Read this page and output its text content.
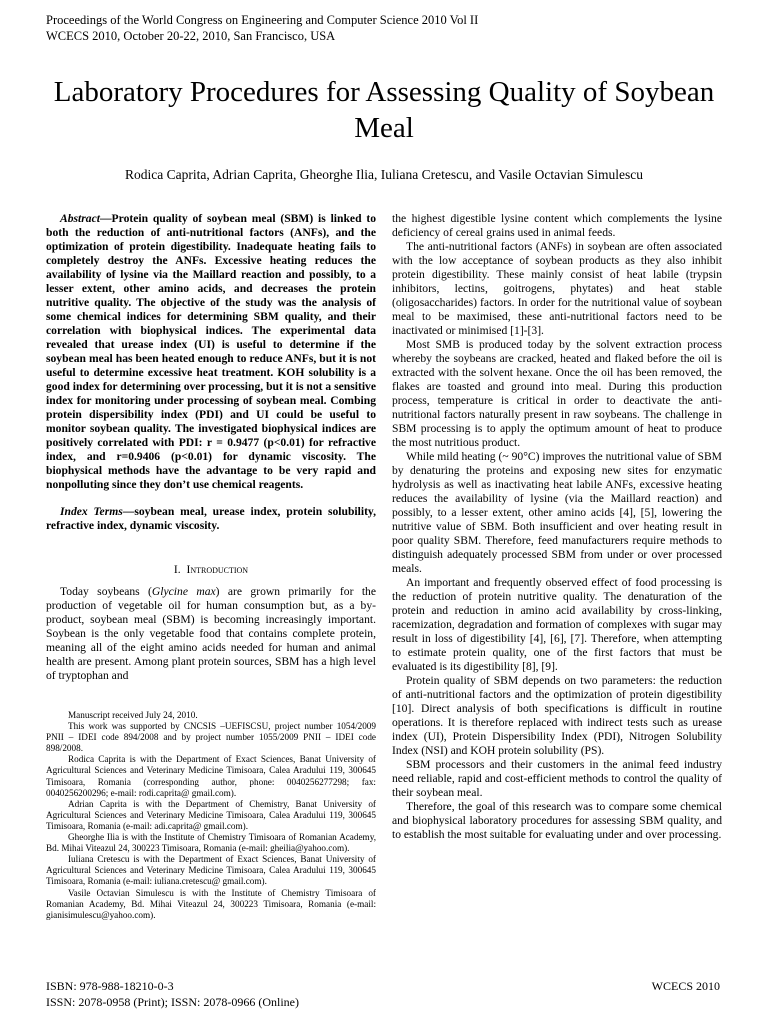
Proceedings of the World Congress on Engineering and Computer Science 2010 Vol II
WCECS 2010, October 20-22, 2010, San Francisco, USA
Laboratory Procedures for Assessing Quality of Soybean Meal
Rodica Caprita, Adrian Caprita, Gheorghe Ilia, Iuliana Cretescu, and Vasile Octavian Simulescu

Abstract—Protein quality of soybean meal (SBM) is linked to both the reduction of anti-nutritional factors (ANFs), and the optimization of protein digestibility. Inadequate heating fails to completely destroy the ANFs. Excessive heating reduces the availability of lysine via the Maillard reaction and possibly, to a lesser extent, other amino acids, and decreases the protein nutritive quality. The objective of the study was the analysis of some chemical indices for determining SBM quality, and their correlation with biophysical indices. The experimental data revealed that urease index (UI) is useful to determine if the soybean meal has been heated enough to reduce ANFs, but it is not useful to determine excessive heat treatment. KOH solubility is a good index for determining over processing, but it is not a sensitive index for monitoring under processing of soybean meal. Combing protein dispersibility index (PDI) and UI could be useful to monitor soybean quality. The investigated biophysical indices are positively correlated with PDI: r = 0.9477 (p<0.01) for refractive index, and r=0.9406 (p<0.01) for dynamic viscosity. The biophysical methods have the advantage to be very rapid and nonpolluting since they don’t use chemical reagents.

Index Terms—soybean meal, urease index, protein solubility, refractive index, dynamic viscosity.

I. Introduction

Today soybeans (Glycine max) are grown primarily for the production of vegetable oil for human consumption but, as a by-product, soybean meal (SBM) is becoming increasingly important. Soybean is the only vegetable food that contains complete protein, meaning all of the eight amino acids needed for human and animal health are present. Among plant protein sources, SBM has a high level of tryptophan and

Manuscript received July 24, 2010.

This work was supported by CNCSIS –UEFISCSU, project number 1054/2009 PNII – IDEI code 894/2008 and by project number 1055/2009 PNII – IDEI code 898/2008.

Rodica Caprita is with the Department of Exact Sciences, Banat University of Agricultural Sciences and Veterinary Medicine Timisoara, Calea Aradului 119, 300645 Timisoara, Romania (corresponding author, phone: 0040256277298; fax: 0040256200296; e-mail: rodi.caprita@ gmail.com).

Adrian Caprita is with the Department of Chemistry, Banat University of Agricultural Sciences and Veterinary Medicine Timisoara, Calea Aradului 119, 300645 Timisoara, Romania (e-mail: adi.caprita@ gmail.com).

Gheorghe Ilia is with the Institute of Chemistry Timisoara of Romanian Academy, Bd. Mihai Viteazul 24, 300223 Timisoara, Romania (e-mail: gheilia@yahoo.com).

Iuliana Cretescu is with the Department of Exact Sciences, Banat University of Agricultural Sciences and Veterinary Medicine Timisoara, Calea Aradului 119, 300645 Timisoara, Romania (e-mail: iuliana.cretescu@ gmail.com).

Vasile Octavian Simulescu is with the Institute of Chemistry Timisoara of Romanian Academy, Bd. Mihai Viteazul 24, 300223 Timisoara, Romania (e-mail: gianisimulescu@yahoo.com).

the highest digestible lysine content which complements the lysine deficiency of cereal grains used in animal feeds.

The anti-nutritional factors (ANFs) in soybean are often associated with the low acceptance of soybean products as they also inhibit protein digestibility. These mainly consist of heat labile (trypsin inhibitors, lectins, goitrogens, phytates) and heat stable (oligosaccharides) factors. In order for the nutritional value of soybean meal to be maximised, these anti-nutritional factors need to be inactivated or minimised [1]-[3].

Most SMB is produced today by the solvent extraction process whereby the soybeans are cracked, heated and flaked before the oil is extracted with the solvent hexane. Once the oil has been removed, the flakes are toasted and ground into meal. During this production process, temperature is critical in order to deactivate the anti-nutritional factors naturally present in raw soybeans. The challenge in SBM processing is to apply the optimum amount of heat to produce the most nutritious product.

While mild heating (~ 90°C) improves the nutritional value of SBM by denaturing the proteins and exposing new sites for enzymatic hydrolysis as well as inactivating heat labile ANFs, excessive heating reduces the availability of lysine (via the Maillard reaction) and possibly, to a lesser extent, other amino acids [4], [5], lowering the nutritive value of SBM. Both insufficient and over heating result in poor quality SBM. Therefore, feed manufacturers require methods to distinguish adequately processed SBM from under or over processed meals.

An important and frequently observed effect of food processing is the reduction of protein nutritive quality. The denaturation of the protein and reduction in amino acid availability by cross-linking, racemization, degradation and formation of complexes with sugar may result in loss of digestibility [4], [6], [7]. Therefore, when attempting to estimate protein quality, one of the first factors that must be evaluated is its digestibility [8], [9].

Protein quality of SBM depends on two parameters: the reduction of anti-nutritional factors and the optimization of protein digestibility [10]. Direct analysis of both specifications is difficult in routine operations. It is therefore replaced with indirect tests such as urease index (UI), Protein Dispersibility Index (PDI), Nitrogen Solubility Index (NSI) and KOH protein solubility (PS).

SBM processors and their customers in the animal feed industry need reliable, rapid and cost-efficient methods to control the quality of their soybean meal.

Therefore, the goal of this research was to compare some chemical and biophysical laboratory procedures for assessing SBM quality, and to establish the most suitable for evaluating under and over processing.

ISBN: 978-988-18210-0-3
ISSN: 2078-0958 (Print); ISSN: 2078-0966 (Online)
WCECS 2010
